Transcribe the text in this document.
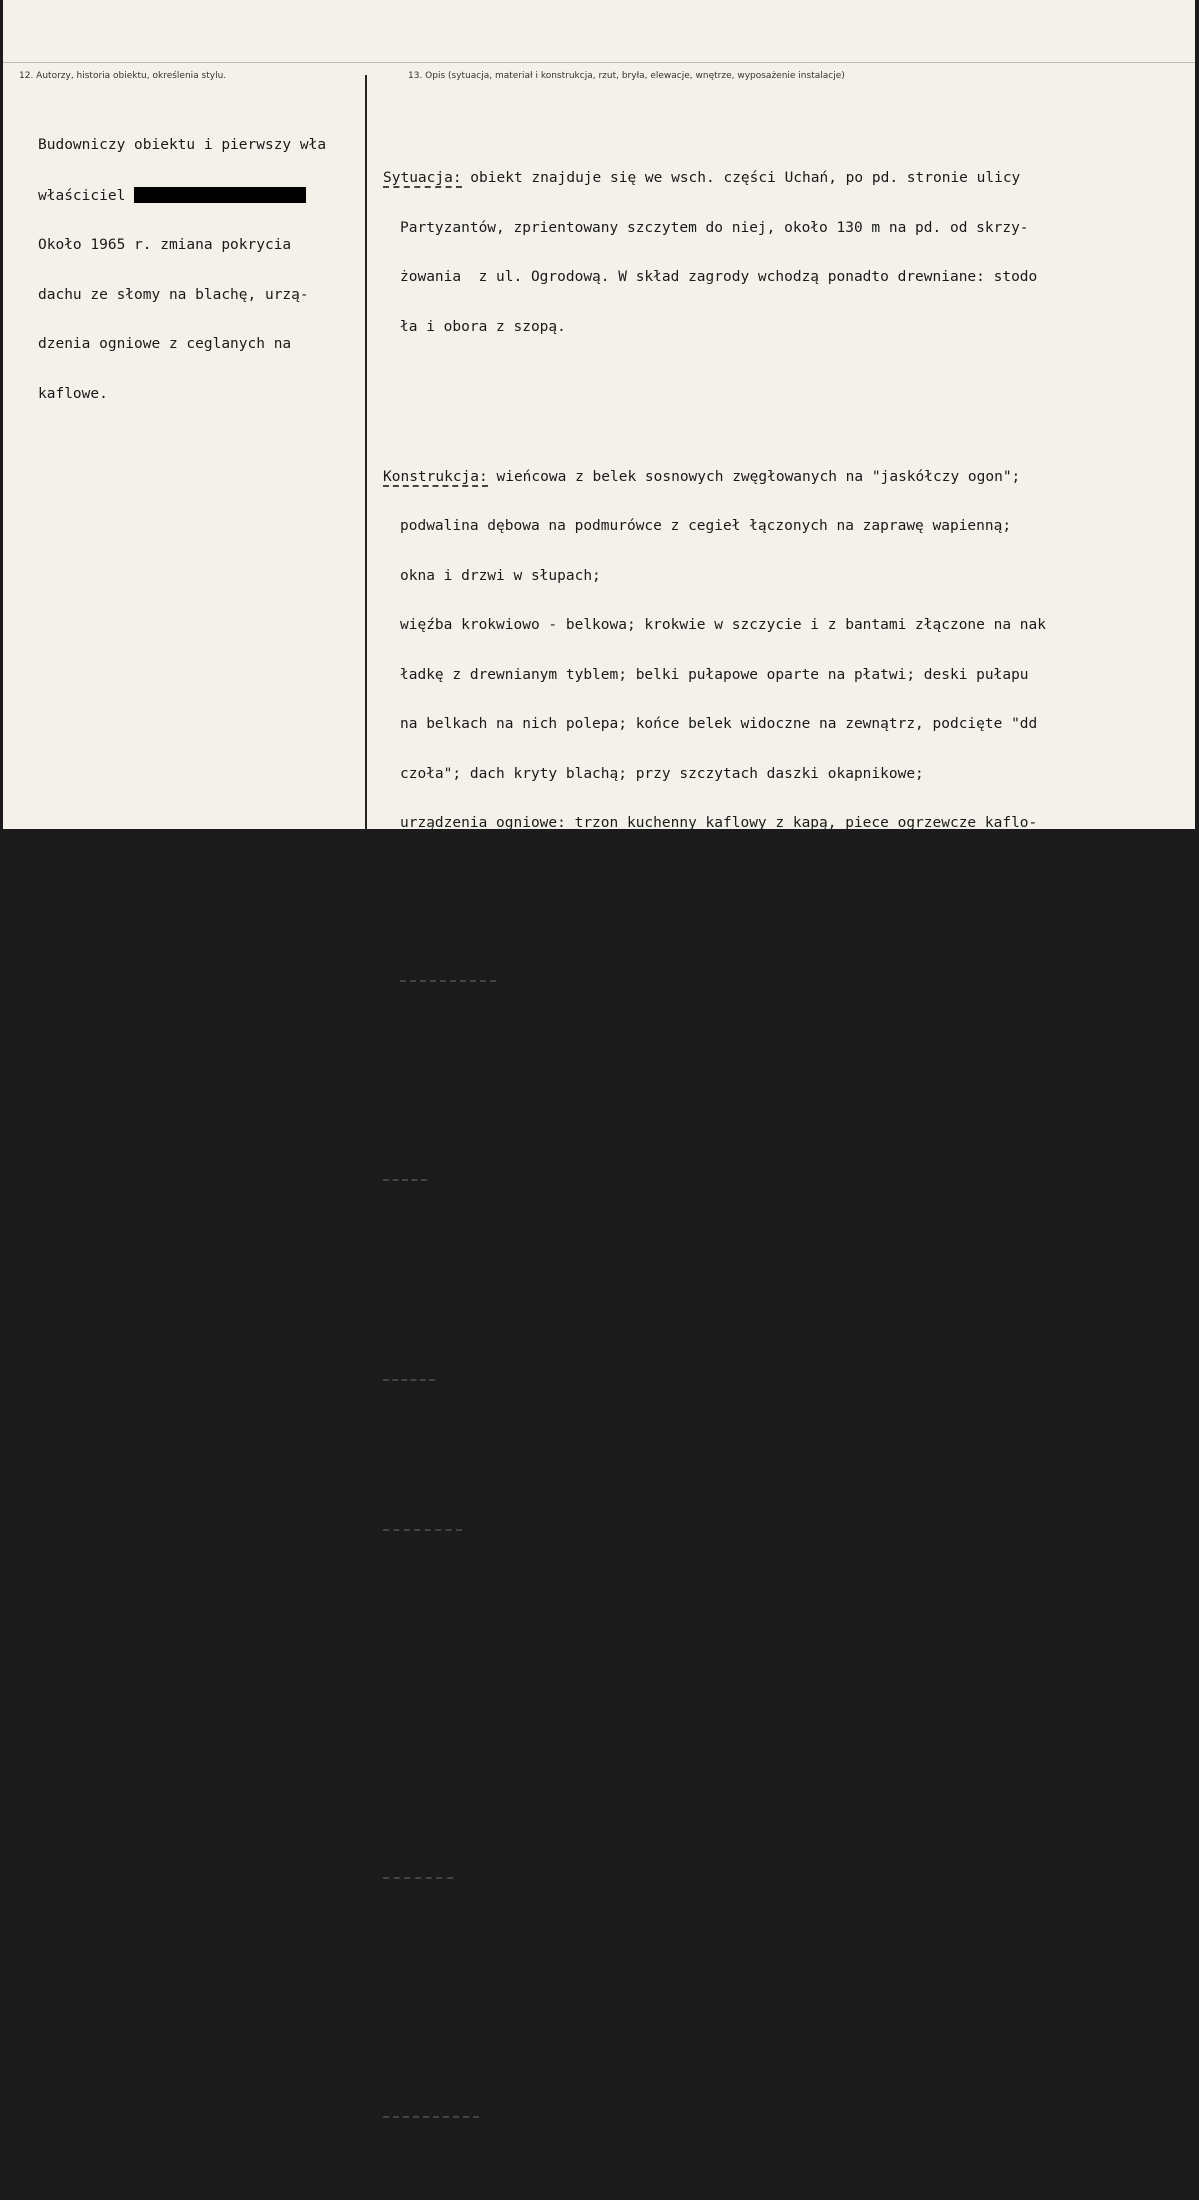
12. Autorzy, historia obiektu, określenia stylu.	13. Opis (sytuacja, materiał i konstrukcja, rzut, bryła, elewacje, wnętrze, wyposażenie instalacje)

Budowniczy obiektu i pierwszy wła

właściciel

Około 1965 r. zmiana pokrycia

dachu ze słomy na blachę, urzą-

dzenia ogniowe z ceglanych na

kaflowe.

Sytuacja: obiekt znajduje się we wsch. części Uchań, po pd. stronie ulicy

Partyzantów, zprientowany szczytem do niej, około 130 m na pd. od skrzy-

żowania  z ul. Ogrodową. W skład zagrody wchodzą ponadto drewniane: stodo

ła i obora z szopą.

Konstrukcja: wieńcowa z belek sosnowych zwęgłowanych na "jaskółczy ogon";

podwalina dębowa na podmurówce z cegieł łączonych na zaprawę wapienną;

okna i drzwi w słupach;

więźba krokwiowo - belkowa; krokwie w szczycie i z bantami złączone na nak

ładkę z drewnianym tyblem; belki pułapowe oparte na płatwi; deski pułapu

na belkach na nich polepa; końce belek widoczne na zewnątrz, podcięte "dd

czoła"; dach kryty blachą; przy szczytach daszki okapnikowe;

urządzenia ogniowe: trzon kuchenny kaflowy z kapą, piece ogrzewcze kaflo-

we, komin kolumnowy z cegły z długą świnką od pn. ; podłogi z desek sos-

nowych.

przybudówka /"przybuk"/ w konstrukcji ryglowej, na podwalinie dębowej,

pod wspólnym dachem z domem /mniejszy kąt nachylenia/.

Rzut: obiekt na rzucie prostokąta, szerokofrontowy, jednotraktowy, pięcio-

wnętrzowy/ sień, kuchnia, 3 izby/, z prostokątną przybudówką od zach.

Bryła: jednokondygnacyjny, bez piwnic, dach dwuspadowy.

Elewacje:ściany obite papą, przybudówka bielona; okna dubeltowe, dwupolowe,

sześcioszybkowe, w przybudówce 2 prostokątne okienka po obu stronach drzwi

drzwi wejściowe do przybudówki deskowe, od frontu dwuskrzydłowe, z boku

jednoskrzydłowe, z klamkami zapadkowymi; szczyty z pionowych desek z rom-

boidalnymi wycięciami.

Wnętrze: bielone; drzwi w części pn. jednoskrzydłowe, deskowe , tylko z kuch

ni do izby jednoskrzydłowe płycinowe, z zamkami nakładkowymi; drzwi w czę

ści pd. jednoskrzydłowe płycinowe z zamkami nakładkowymi.

Instalacje: elektryczna i odgromowa
